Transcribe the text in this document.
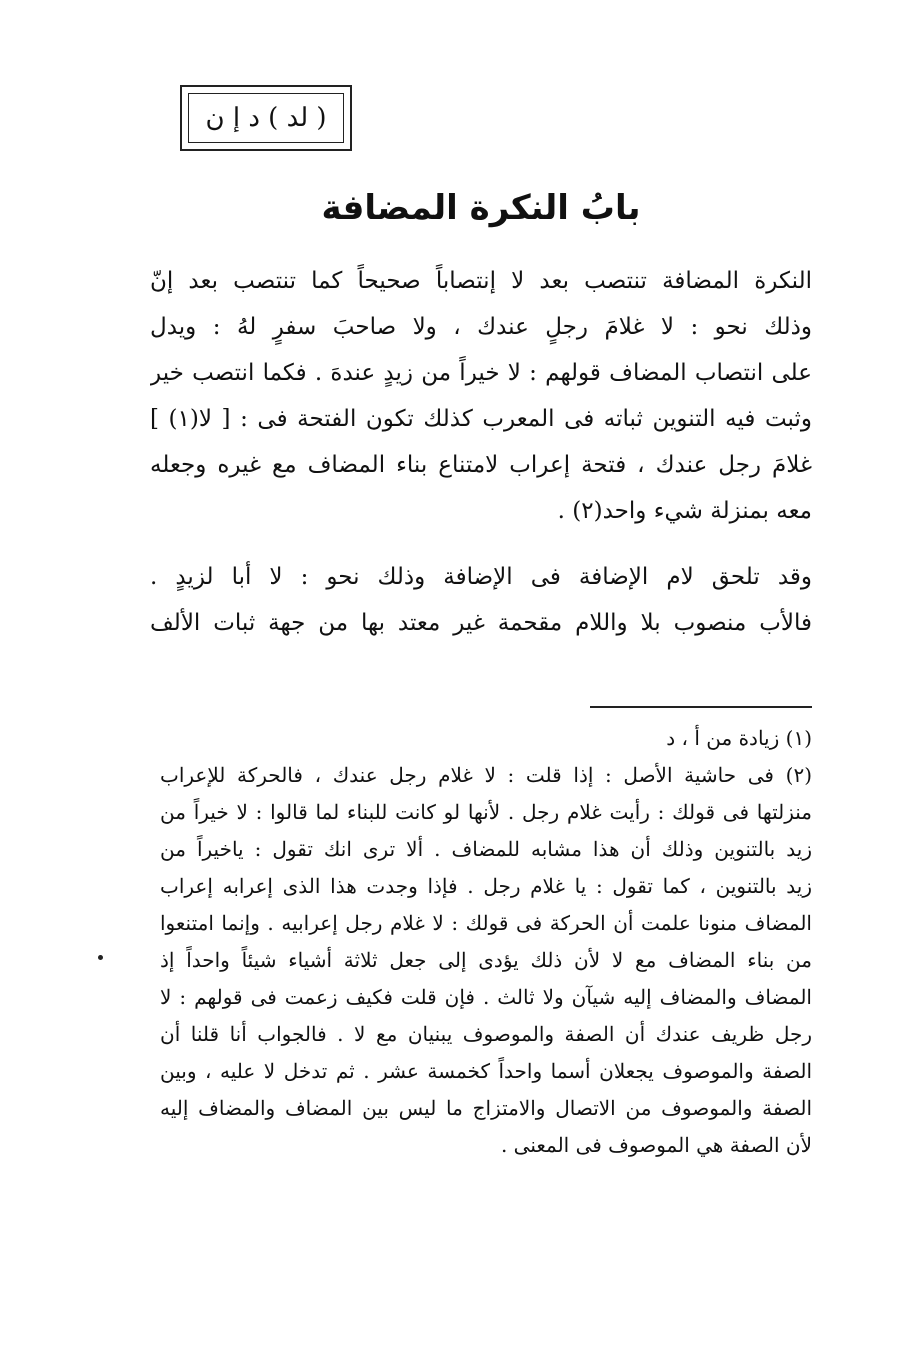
( لد ) د إ ن
بابُ النكرة المضافة
النكرة المضافة تنتصب بعد لا إنتصاباً صحيحاً كما تنتصب بعد إنّ
وذلك نحو : لا غلامَ رجلٍ عندك ، ولا صاحبَ سفرٍ لهُ : ويدل
على انتصاب المضاف قولهم : لا خيراً من زيدٍ عندهَ . فكما انتصب خير
وثبت فيه التنوين ثباته فى المعرب كذلك تكون الفتحة فى : [ لا(١) ]
غلامَ رجل عندك ، فتحة إعراب لامتناع بناء المضاف مع غيره وجعله
معه بمنزلة شيء واحد(٢) .
وقد تلحق لام الإضافة فى الإضافة وذلك نحو : لا أبا لزيدٍ .
فالأب منصوب بلا واللام مقحمة غير معتد بها من جهة ثبات الألف
(١) زيادة من أ ، د
(٢) فى حاشية الأصل : إذا قلت : لا غلام رجل عندك ، فالحركة للإعراب
منزلتها فى قولك : رأيت غلام رجل . لأنها لو كانت للبناء لما قالوا : لا خيراً من
زيد بالتنوين وذلك أن هذا مشابه للمضاف . ألا ترى انك تقول : ياخيراً من
زيد بالتنوين ، كما تقول : يا غلام رجل . فإذا وجدت هذا الذى إعرابه إعراب
المضاف منونا علمت أن الحركة فى قولك : لا غلام رجل إعرابيه . وإنما امتنعوا
من بناء المضاف مع لا لأن ذلك يؤدى إلى جعل ثلاثة أشياء شيئاً واحداً إذ
المضاف والمضاف إليه شيآن ولا ثالث . فإن قلت فكيف زعمت فى قولهم : لا
رجل ظريف عندك أن الصفة والموصوف يبنيان مع لا . فالجواب أنا قلنا أن
الصفة والموصوف يجعلان أسما واحداً كخمسة عشر . ثم تدخل لا عليه ، وبين
الصفة والموصوف من الاتصال والامتزاج ما ليس بين المضاف والمضاف إليه
لأن الصفة هي الموصوف فى المعنى .
